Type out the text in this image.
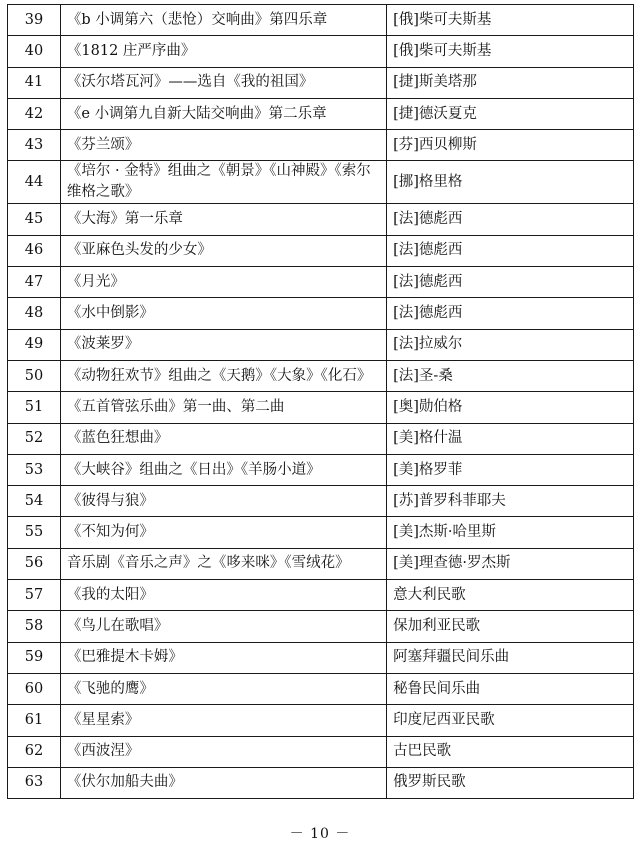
39	《b 小调第六（悲怆）交响曲》第四乐章	[俄]柴可夫斯基
40	《1812 庄严序曲》	[俄]柴可夫斯基
41	《沃尔塔瓦河》——选自《我的祖国》	[捷]斯美塔那
42	《e 小调第九自新大陆交响曲》第二乐章	[捷]德沃夏克
43	《芬兰颂》	[芬]西贝柳斯
44	《培尔 · 金特》组曲之《朝景》《山神殿》《索尔维格之歌》	[挪]格里格
45	《大海》第一乐章	[法]德彪西
46	《亚麻色头发的少女》	[法]德彪西
47	《月光》	[法]德彪西
48	《水中倒影》	[法]德彪西
49	《波莱罗》	[法]拉威尔
50	《动物狂欢节》组曲之《天鹅》《大象》《化石》	[法]圣-桑
51	《五首管弦乐曲》第一曲、第二曲	[奥]勋伯格
52	《蓝色狂想曲》	[美]格什温
53	《大峡谷》组曲之《日出》《羊肠小道》	[美]格罗菲
54	《彼得与狼》	[苏]普罗科菲耶夫
55	《不知为何》	[美]杰斯·哈里斯
56	音乐剧《音乐之声》之《哆来咪》《雪绒花》	[美]理查德·罗杰斯
57	《我的太阳》	意大利民歌
58	《鸟儿在歌唱》	保加利亚民歌
59	《巴雅提木卡姆》	阿塞拜疆民间乐曲
60	《飞驰的鹰》	秘鲁民间乐曲
61	《星星索》	印度尼西亚民歌
62	《西波涅》	古巴民歌
63	《伏尔加船夫曲》	俄罗斯民歌
－ 10 －
